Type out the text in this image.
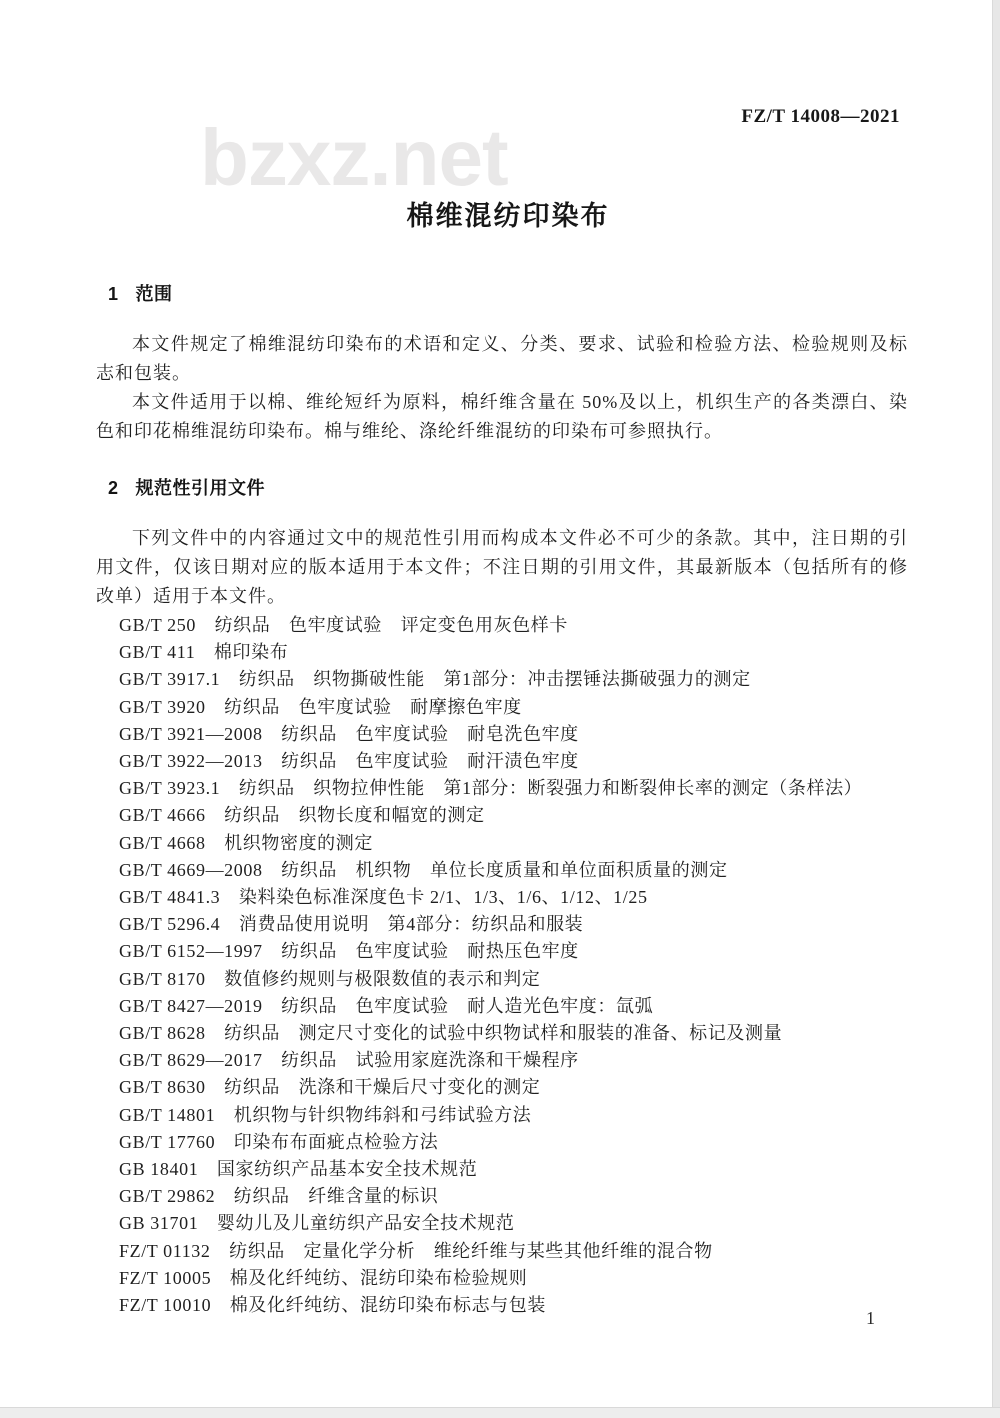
bzxz.net	FZ/T 14008—2021
棉维混纺印染布
1 范围

本文件规定了棉维混纺印染布的术语和定义、分类、要求、试验和检验方法、检验规则及标志和包装。

本文件适用于以棉、维纶短纤为原料，棉纤维含量在 50%及以上，机织生产的各类漂白、染色和印花棉维混纺印染布。棉与维纶、涤纶纤维混纺的印染布可参照执行。

2 规范性引用文件

下列文件中的内容通过文中的规范性引用而构成本文件必不可少的条款。其中，注日期的引用文件，仅该日期对应的版本适用于本文件；不注日期的引用文件，其最新版本（包括所有的修改单）适用于本文件。

GB/T 250　纺织品　色牢度试验　评定变色用灰色样卡
GB/T 411　棉印染布
GB/T 3917.1　纺织品　织物撕破性能　第1部分：冲击摆锤法撕破强力的测定
GB/T 3920　纺织品　色牢度试验　耐摩擦色牢度
GB/T 3921—2008　纺织品　色牢度试验　耐皂洗色牢度
GB/T 3922—2013　纺织品　色牢度试验　耐汗渍色牢度
GB/T 3923.1　纺织品　织物拉伸性能　第1部分：断裂强力和断裂伸长率的测定（条样法）
GB/T 4666　纺织品　织物长度和幅宽的测定
GB/T 4668　机织物密度的测定
GB/T 4669—2008　纺织品　机织物　单位长度质量和单位面积质量的测定
GB/T 4841.3　染料染色标准深度色卡 2/1、1/3、1/6、1/12、1/25
GB/T 5296.4　消费品使用说明　第4部分：纺织品和服装
GB/T 6152—1997　纺织品　色牢度试验　耐热压色牢度
GB/T 8170　数值修约规则与极限数值的表示和判定
GB/T 8427—2019　纺织品　色牢度试验　耐人造光色牢度：氙弧
GB/T 8628　纺织品　测定尺寸变化的试验中织物试样和服装的准备、标记及测量
GB/T 8629—2017　纺织品　试验用家庭洗涤和干燥程序
GB/T 8630　纺织品　洗涤和干燥后尺寸变化的测定
GB/T 14801　机织物与针织物纬斜和弓纬试验方法
GB/T 17760　印染布布面疵点检验方法
GB 18401　国家纺织产品基本安全技术规范
GB/T 29862　纺织品　纤维含量的标识
GB 31701　婴幼儿及儿童纺织产品安全技术规范
FZ/T 01132　纺织品　定量化学分析　维纶纤维与某些其他纤维的混合物
FZ/T 10005　棉及化纤纯纺、混纺印染布检验规则
FZ/T 10010　棉及化纤纯纺、混纺印染布标志与包装
1
